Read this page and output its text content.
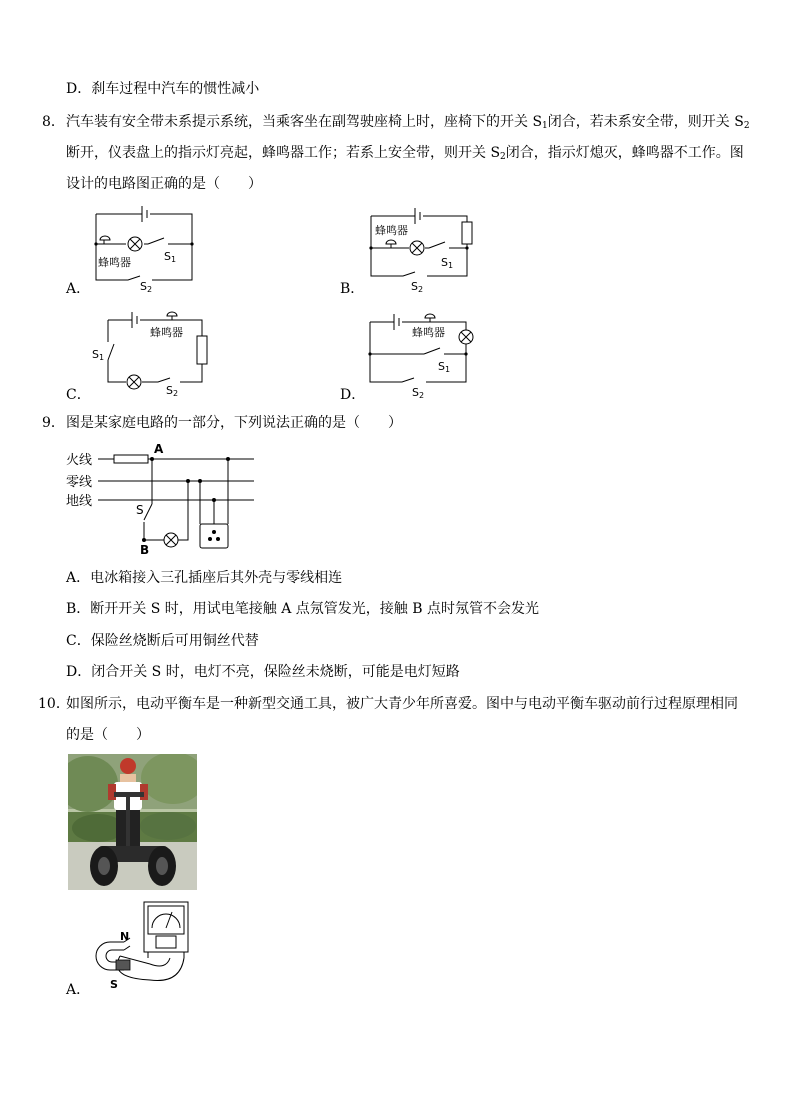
D．刹车过程中汽车的惯性减小
8． 汽车装有安全带未系提示系统，当乘客坐在副驾驶座椅上时，座椅下的开关 $S_1$闭合，若未系安全带，则开关 $S_2$
断开，仪表盘上的指示灯亮起，蜂鸣器工作；若系上安全带，则开关 $S_2$闭合，指示灯熄灭，蜂鸣器不工作。图
设计的电路图正确的是（　　）
蜂鸣器	S1
S2
A．
蜂鸣器
S1
S2
B．
蜂鸣器
S1
S2
C．
蜂鸣器
S1
S2
D．
9． 图是某家庭电路的一部分，下列说法正确的是（　　）
火线
零线
地线
A
B
S
A．电冰箱接入三孔插座后其外壳与零线相连
B．断开开关 S 时，用试电笔接触 A 点氖管发光，接触 B 点时氖管不会发光
C．保险丝烧断后可用铜丝代替
D．闭合开关 S 时，电灯不亮，保险丝未烧断，可能是电灯短路
10．
如图所示，电动平衡车是一种新型交通工具，被广大青少年所喜爱。图中与电动平衡车驱动前行过程原理相同
的是（　　）
N
S
A．
